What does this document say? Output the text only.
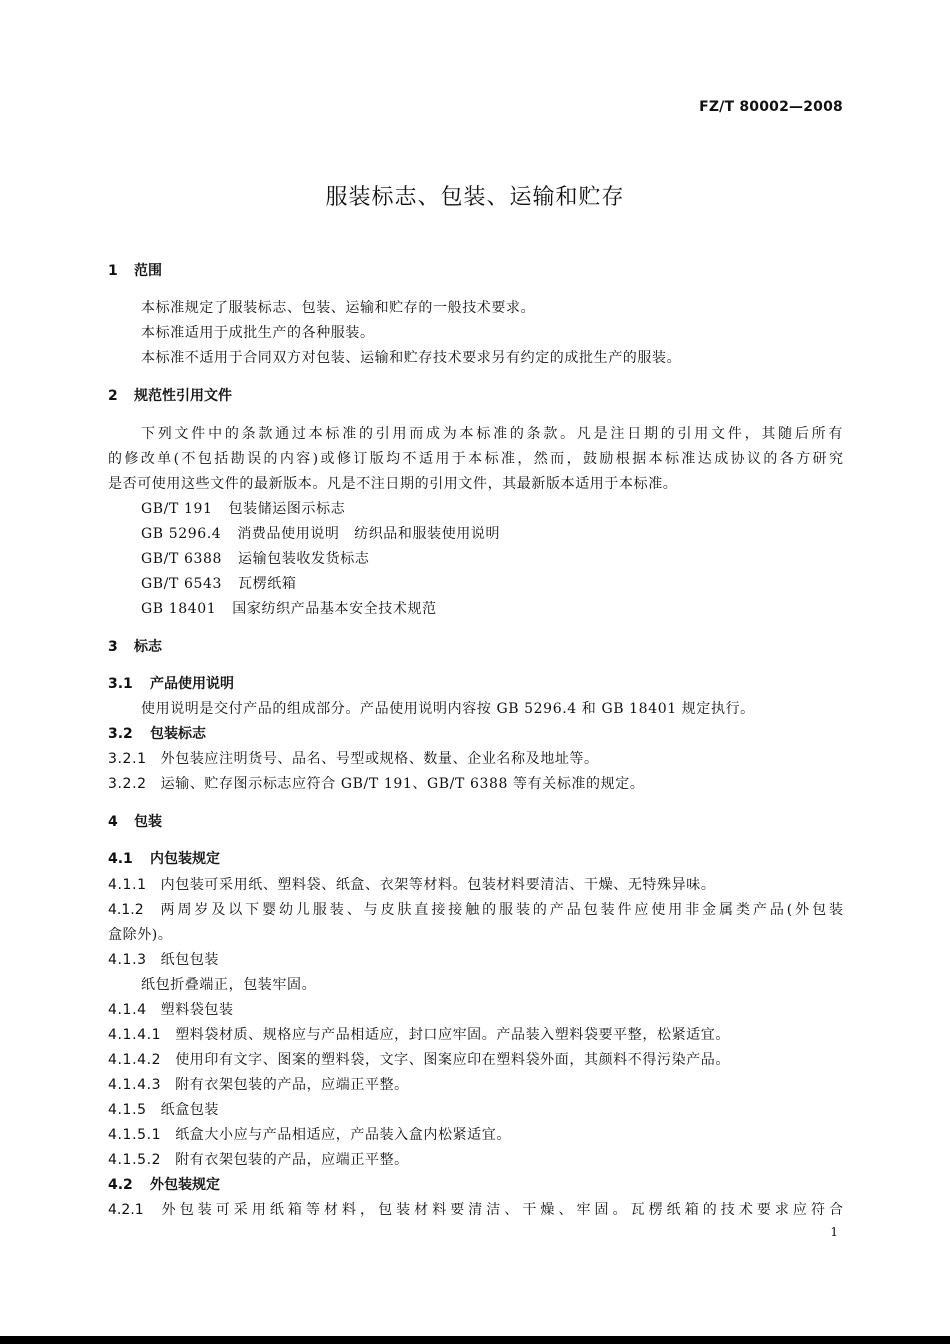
FZ/T 80002—2008
服装标志、包装、运输和贮存
1 范围
本标准规定了服装标志、包装、运输和贮存的一般技术要求。
本标准适用于成批生产的各种服装。
本标准不适用于合同双方对包装、运输和贮存技术要求另有约定的成批生产的服装。
2 规范性引用文件
下列文件中的条款通过本标准的引用而成为本标准的条款。凡是注日期的引用文件，其随后所有
的修改单(不包括勘误的内容)或修订版均不适用于本标准，然而，鼓励根据本标准达成协议的各方研究
是否可使用这些文件的最新版本。凡是不注日期的引用文件，其最新版本适用于本标准。
GB/T 191 包装储运图示标志
GB 5296.4 消费品使用说明　纺织品和服装使用说明
GB/T 6388 运输包装收发货标志
GB/T 6543 瓦楞纸箱
GB 18401 国家纺织产品基本安全技术规范
3 标志
3.1 产品使用说明
使用说明是交付产品的组成部分。产品使用说明内容按 GB 5296.4 和 GB 18401 规定执行。
3.2 包装标志
3.2.1 外包装应注明货号、品名、号型或规格、数量、企业名称及地址等。
3.2.2 运输、贮存图示标志应符合 GB/T 191、GB/T 6388 等有关标准的规定。
4 包装
4.1 内包装规定
4.1.1 内包装可采用纸、塑料袋、纸盒、衣架等材料。包装材料要清洁、干燥、无特殊异味。
4.1.2 两周岁及以下婴幼儿服装、与皮肤直接接触的服装的产品包装件应使用非金属类产品(外包装
盒除外)。
4.1.3 纸包包装
纸包折叠端正，包装牢固。
4.1.4 塑料袋包装
4.1.4.1 塑料袋材质、规格应与产品相适应，封口应牢固。产品装入塑料袋要平整，松紧适宜。
4.1.4.2 使用印有文字、图案的塑料袋，文字、图案应印在塑料袋外面，其颜料不得污染产品。
4.1.4.3 附有衣架包装的产品，应端正平整。
4.1.5 纸盒包装
4.1.5.1 纸盒大小应与产品相适应，产品装入盒内松紧适宜。
4.1.5.2 附有衣架包装的产品，应端正平整。
4.2 外包装规定
4.2.1 外包装可采用纸箱等材料，包装材料要清洁、干燥、牢固。瓦楞纸箱的技术要求应符合
1
